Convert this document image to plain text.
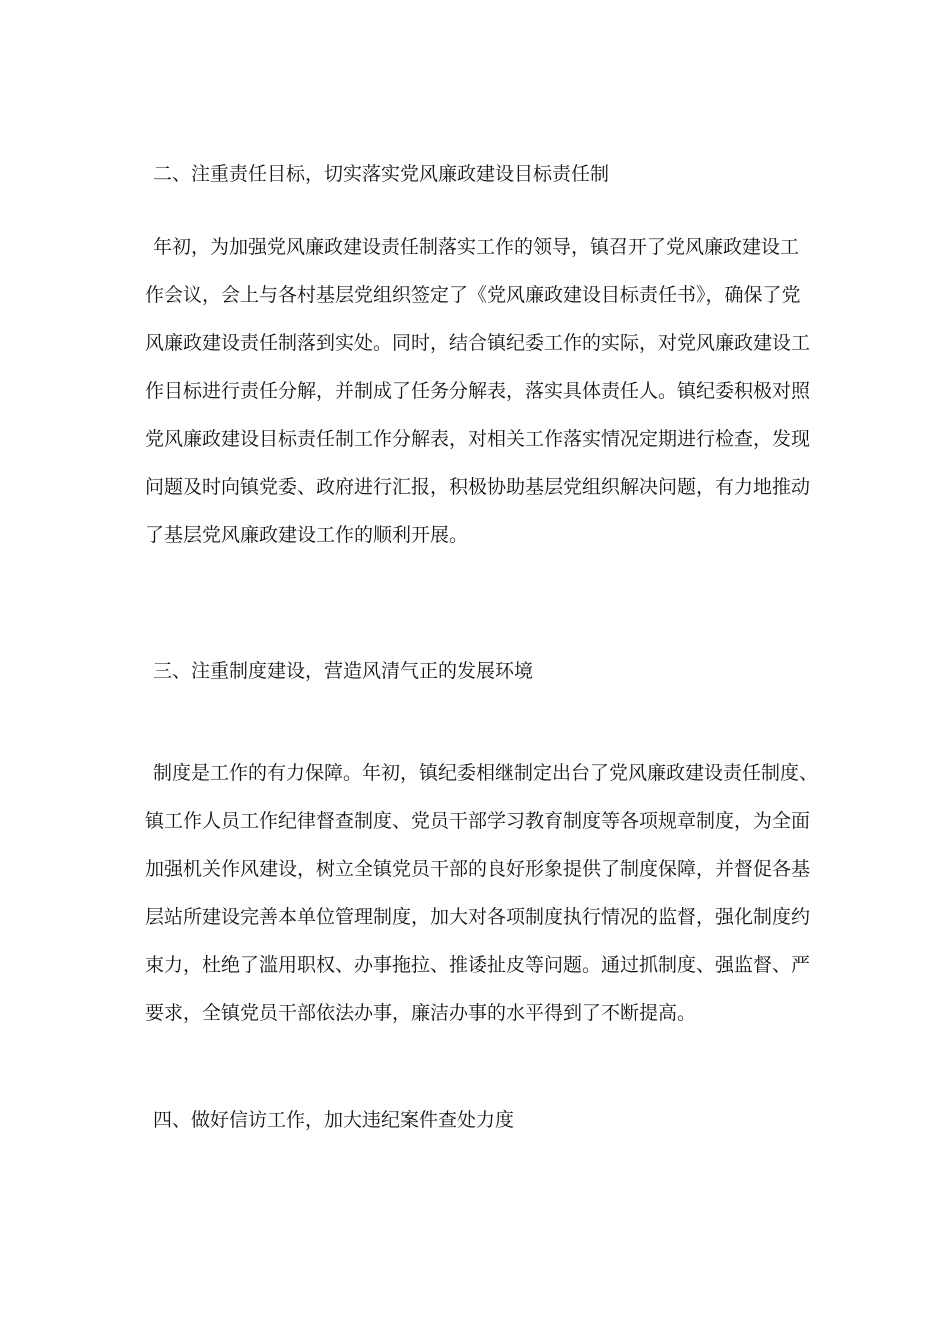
二、注重责任目标，切实落实党风廉政建设目标责任制
年初，为加强党风廉政建设责任制落实工作的领导，镇召开了党风廉政建设工
作会议，会上与各村基层党组织签定了《党风廉政建设目标责任书》，确保了党
风廉政建设责任制落到实处。同时，结合镇纪委工作的实际，对党风廉政建设工
作目标进行责任分解，并制成了任务分解表，落实具体责任人。镇纪委积极对照
党风廉政建设目标责任制工作分解表，对相关工作落实情况定期进行检查，发现
问题及时向镇党委、政府进行汇报，积极协助基层党组织解决问题，有力地推动
了基层党风廉政建设工作的顺利开展。
三、注重制度建设，营造风清气正的发展环境
制度是工作的有力保障。年初，镇纪委相继制定出台了党风廉政建设责任制度、
镇工作人员工作纪律督查制度、党员干部学习教育制度等各项规章制度，为全面
加强机关作风建设，树立全镇党员干部的良好形象提供了制度保障，并督促各基
层站所建设完善本单位管理制度，加大对各项制度执行情况的监督，强化制度约
束力，杜绝了滥用职权、办事拖拉、推诿扯皮等问题。通过抓制度、强监督、严
要求，全镇党员干部依法办事，廉洁办事的水平得到了不断提高。
四、做好信访工作，加大违纪案件查处力度
